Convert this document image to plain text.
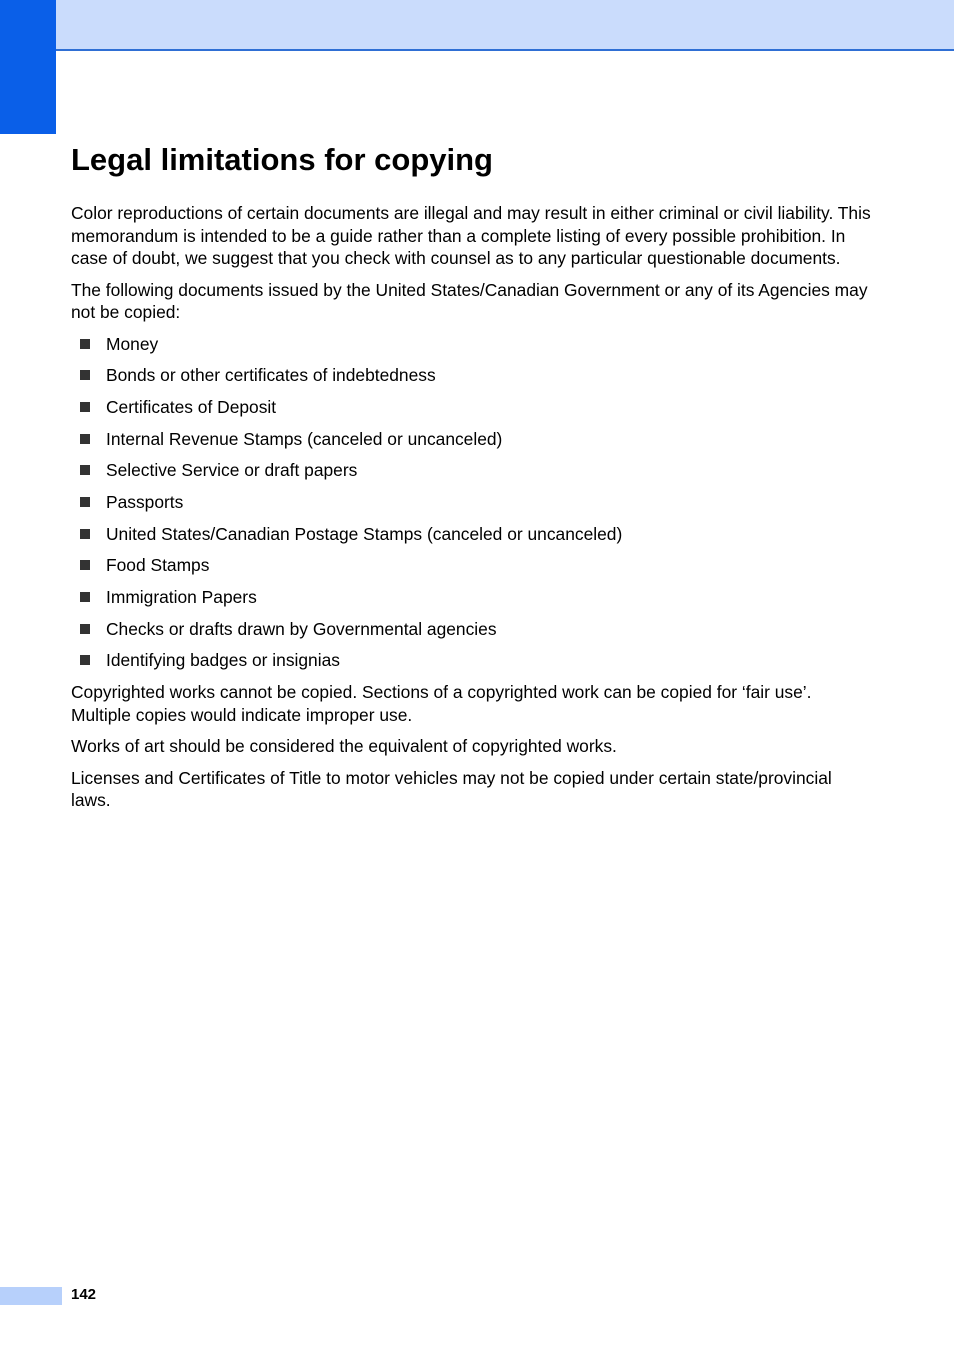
Legal limitations for copying

Color reproductions of certain documents are illegal and may result in either criminal or civil liability. This memorandum is intended to be a guide rather than a complete listing of every possible prohibition. In case of doubt, we suggest that you check with counsel as to any particular questionable documents.

The following documents issued by the United States/Canadian Government or any of its Agencies may not be copied:

Money
Bonds or other certificates of indebtedness
Certificates of Deposit
Internal Revenue Stamps (canceled or uncanceled)
Selective Service or draft papers
Passports
United States/Canadian Postage Stamps (canceled or uncanceled)
Food Stamps
Immigration Papers
Checks or drafts drawn by Governmental agencies
Identifying badges or insignias

Copyrighted works cannot be copied. Sections of a copyrighted work can be copied for ‘fair use’. Multiple copies would indicate improper use.

Works of art should be considered the equivalent of copyrighted works.

Licenses and Certificates of Title to motor vehicles may not be copied under certain state/provincial laws.

142
